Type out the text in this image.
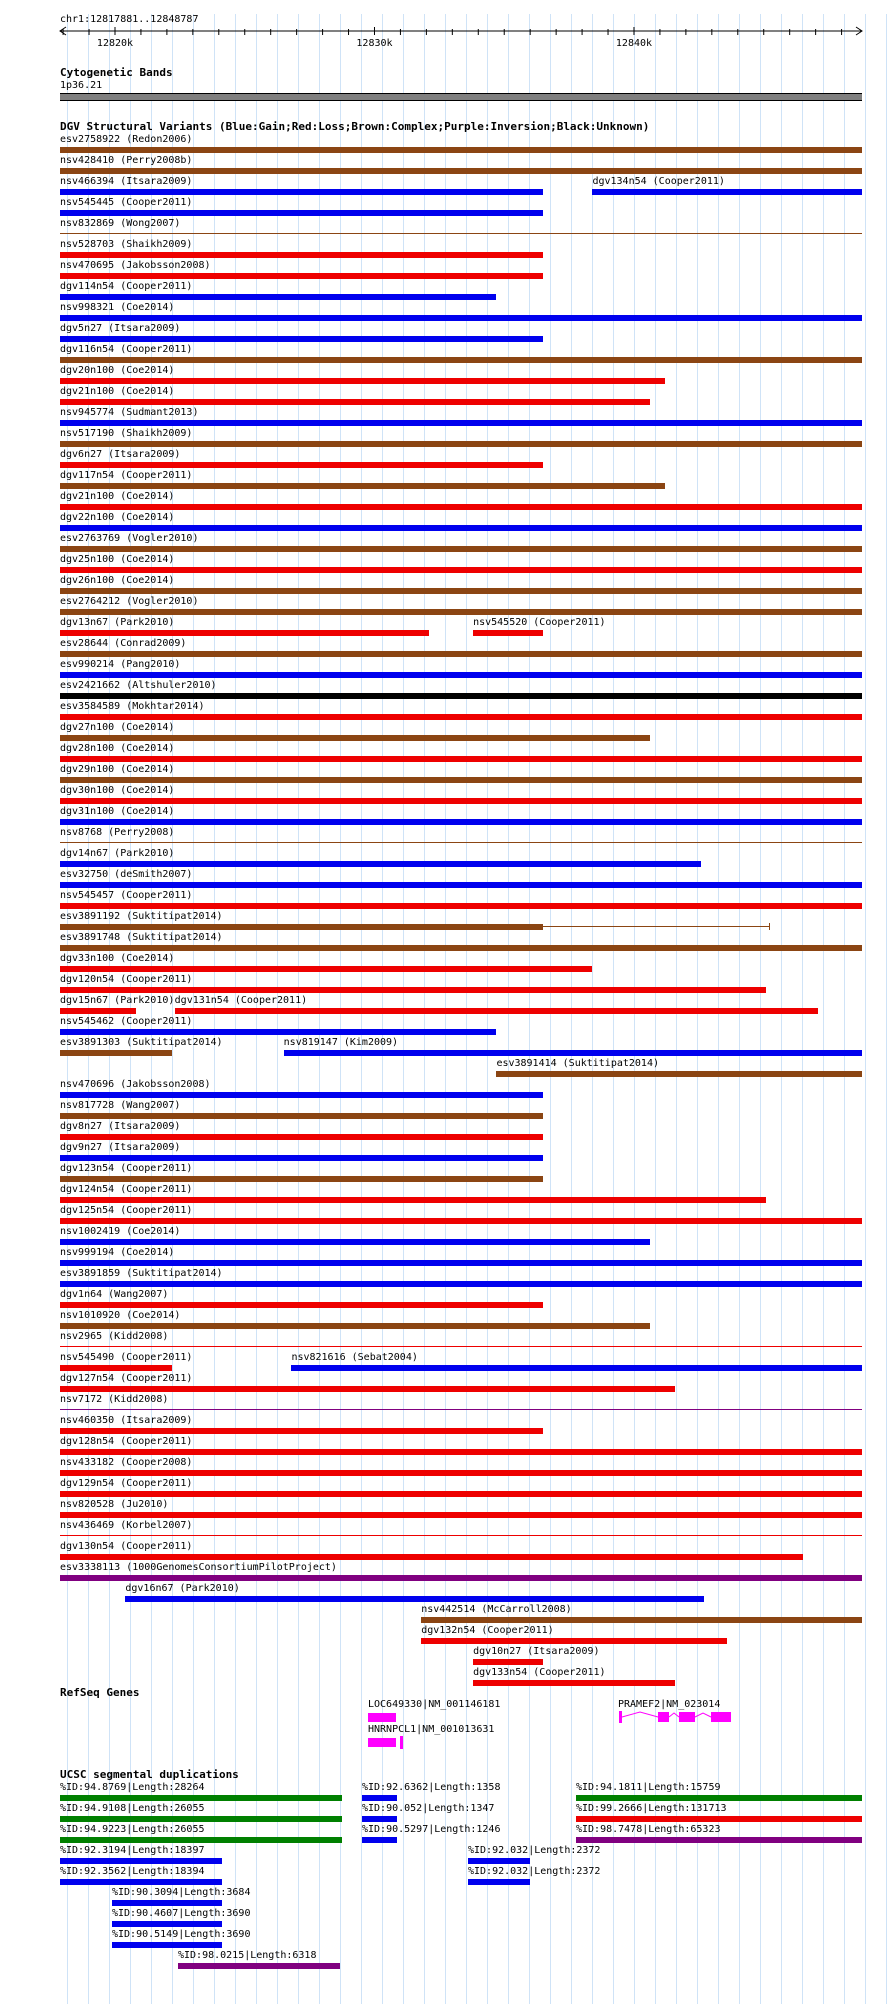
chr1:12817881..12848787
12820k	12830k	12840k
Cytogenetic Bands
1p36.21
DGV Structural Variants (Blue:Gain;Red:Loss;Brown:Complex;Purple:Inversion;Black:Unknown)
esv2758922 (Redon2006)
nsv428410 (Perry2008b)
nsv466394 (Itsara2009)	dgv134n54 (Cooper2011)
nsv545445 (Cooper2011)
nsv832869 (Wong2007)
nsv528703 (Shaikh2009)
nsv470695 (Jakobsson2008)
dgv114n54 (Cooper2011)
nsv998321 (Coe2014)
dgv5n27 (Itsara2009)
dgv116n54 (Cooper2011)
dgv20n100 (Coe2014)
dgv21n100 (Coe2014)
nsv945774 (Sudmant2013)
nsv517190 (Shaikh2009)
dgv6n27 (Itsara2009)
dgv117n54 (Cooper2011)
dgv21n100 (Coe2014)
dgv22n100 (Coe2014)
esv2763769 (Vogler2010)
dgv25n100 (Coe2014)
dgv26n100 (Coe2014)
esv2764212 (Vogler2010)
dgv13n67 (Park2010)	nsv545520 (Cooper2011)
esv28644 (Conrad2009)
esv990214 (Pang2010)
esv2421662 (Altshuler2010)
esv3584589 (Mokhtar2014)
dgv27n100 (Coe2014)
dgv28n100 (Coe2014)
dgv29n100 (Coe2014)
dgv30n100 (Coe2014)
dgv31n100 (Coe2014)
nsv8768 (Perry2008)
dgv14n67 (Park2010)
esv32750 (deSmith2007)
nsv545457 (Cooper2011)
esv3891192 (Suktitipat2014)
esv3891748 (Suktitipat2014)
dgv33n100 (Coe2014)
dgv120n54 (Cooper2011)
dgv15n67 (Park2010) dgv131n54 (Cooper2011)
nsv545462 (Cooper2011)
esv3891303 (Suktitipat2014)	nsv819147 (Kim2009)
esv3891414 (Suktitipat2014)
nsv470696 (Jakobsson2008)
nsv817728 (Wang2007)
dgv8n27 (Itsara2009)
dgv9n27 (Itsara2009)
dgv123n54 (Cooper2011)
dgv124n54 (Cooper2011)
dgv125n54 (Cooper2011)
nsv1002419 (Coe2014)
nsv999194 (Coe2014)
esv3891859 (Suktitipat2014)
dgv1n64 (Wang2007)
nsv1010920 (Coe2014)
nsv2965 (Kidd2008)
nsv545490 (Cooper2011)	nsv821616 (Sebat2004)
dgv127n54 (Cooper2011)
nsv7172 (Kidd2008)
nsv460350 (Itsara2009)
dgv128n54 (Cooper2011)
nsv433182 (Cooper2008)
dgv129n54 (Cooper2011)
nsv820528 (Ju2010)
nsv436469 (Korbel2007)
dgv130n54 (Cooper2011)
esv3338113 (1000GenomesConsortiumPilotProject)
dgv16n67 (Park2010)
nsv442514 (McCarroll2008)
dgv132n54 (Cooper2011)
dgv10n27 (Itsara2009)
dgv133n54 (Cooper2011)
RefSeq Genes
LOC649330|NM_001146181
HNRNPCL1|NM_001013631
PRAMEF2|NM_023014
UCSC segmental duplications
%ID:94.8769|Length:28264
%ID:94.9108|Length:26055
%ID:94.9223|Length:26055
%ID:92.3194|Length:18397
%ID:92.3562|Length:18394
%ID:90.3094|Length:3684
%ID:90.4607|Length:3690
%ID:90.5149|Length:3690
%ID:98.0215|Length:6318
%ID:92.6362|Length:1358
%ID:90.052|Length:1347
%ID:90.5297|Length:1246
%ID:92.032|Length:2372
%ID:92.032|Length:2372
%ID:94.1811|Length:15759
%ID:99.2666|Length:131713
%ID:98.7478|Length:65323
